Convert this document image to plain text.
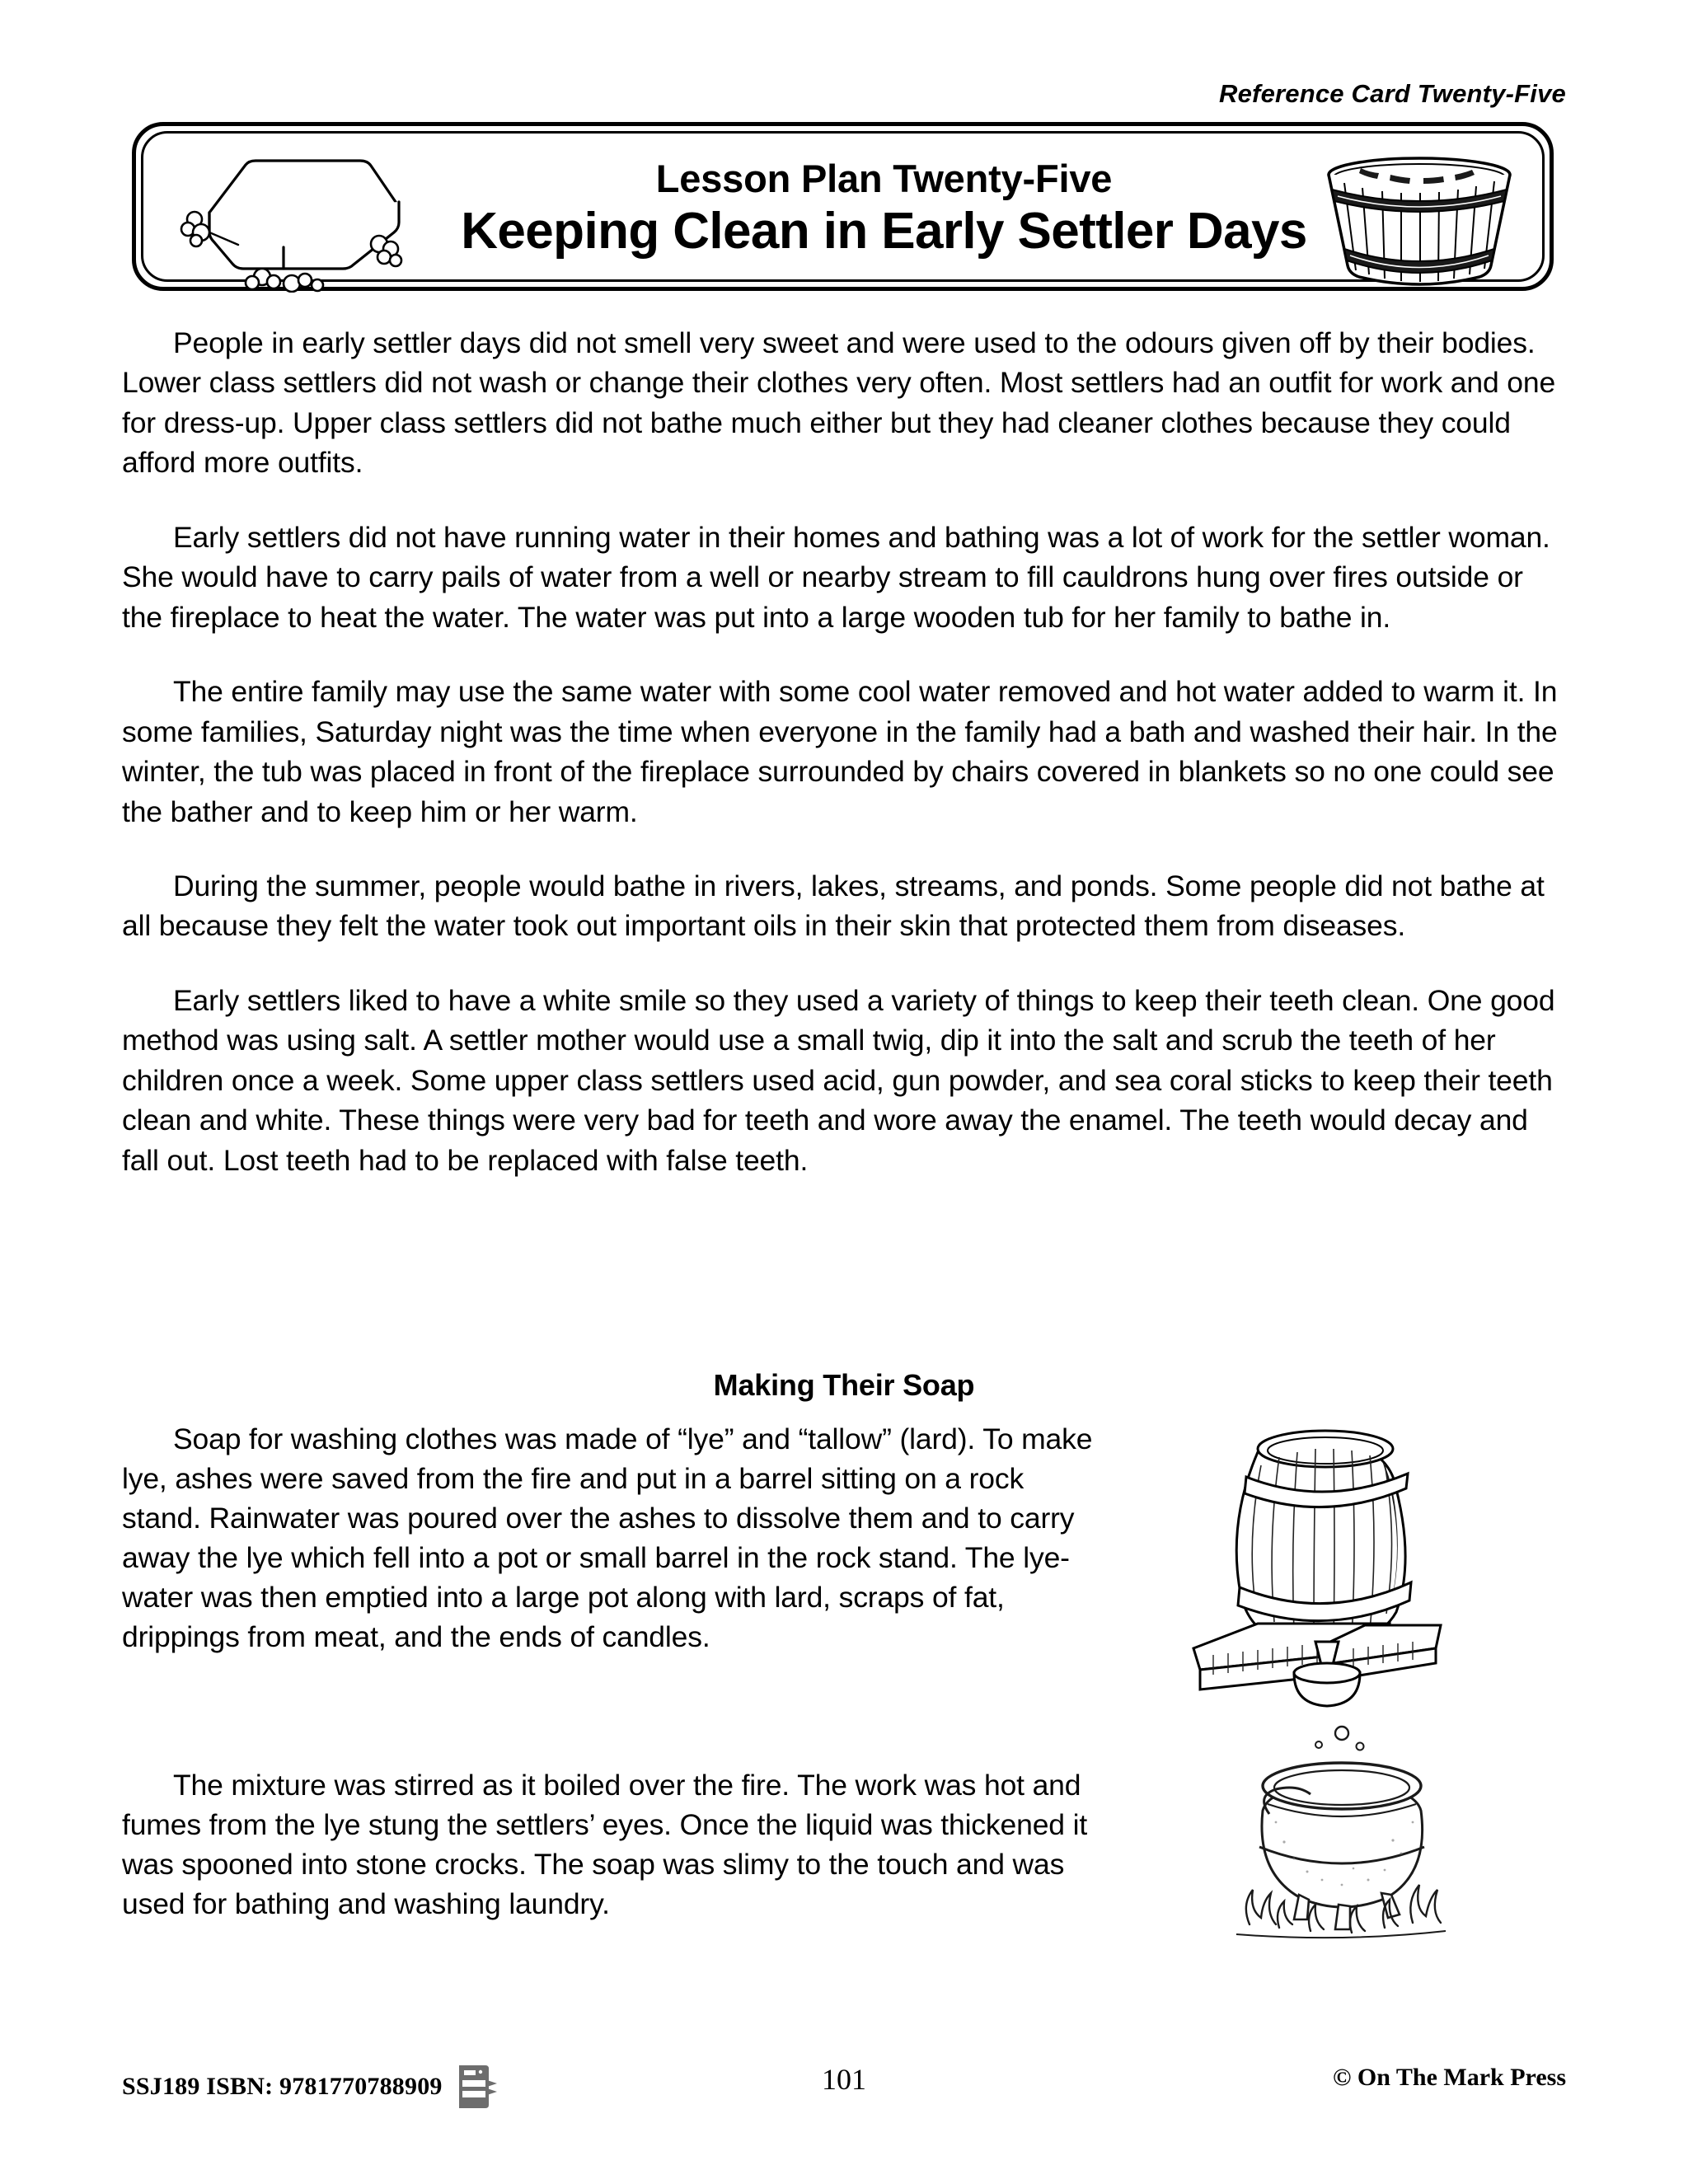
Reference Card Twenty-Five
Lesson Plan Twenty-Five
Keeping Clean in Early Settler Days

People in early settler days did not smell very sweet and were used to the odours given off by their bodies. Lower class settlers did not wash or change their clothes very often. Most settlers had an outfit for work and one for dress-up. Upper class settlers did not bathe much either but they had cleaner clothes because they could afford more outfits.

Early settlers did not have running water in their homes and bathing was a lot of work for the settler woman. She would have to carry pails of water from a well or nearby stream to fill cauldrons hung over fires outside or the fireplace to heat the water. The water was put into a large wooden tub for her family to bathe in.

The entire family may use the same water with some cool water removed and hot water added to warm it. In some families, Saturday night was the time when everyone in the family had a bath and washed their hair. In the winter, the tub was placed in front of the fireplace surrounded by chairs covered in blankets so no one could see the bather and to keep him or her warm.

During the summer, people would bathe in rivers, lakes, streams, and ponds. Some people did not bathe at all because they felt the water took out important oils in their skin that protected them from diseases.

Early settlers liked to have a white smile so they used a variety of things to keep their teeth clean. One good method was using salt. A settler mother would use a small twig, dip it into the salt and scrub the teeth of her children once a week. Some upper class settlers used acid, gun powder, and sea coral sticks to keep their teeth clean and white. These things were very bad for teeth and wore away the enamel. The teeth would decay and fall out. Lost teeth had to be replaced with false teeth.

Making Their Soap

Soap for washing clothes was made of “lye” and “tallow” (lard). To make lye, ashes were saved from the fire and put in a barrel sitting on a rock stand. Rainwater was poured over the ashes to dissolve them and to carry away the lye which fell into a pot or small barrel in the rock stand. The lye-water was then emptied into a large pot along with lard, scraps of fat, drippings from meat, and the ends of candles.

The mixture was stirred as it boiled over the fire. The work was hot and fumes from the lye stung the settlers’ eyes. Once the liquid was thickened it was spooned into stone crocks. The soap was slimy to the touch and was used for bathing and washing laundry.

SSJ189 ISBN: 9781770788909	101	© On The Mark Press
